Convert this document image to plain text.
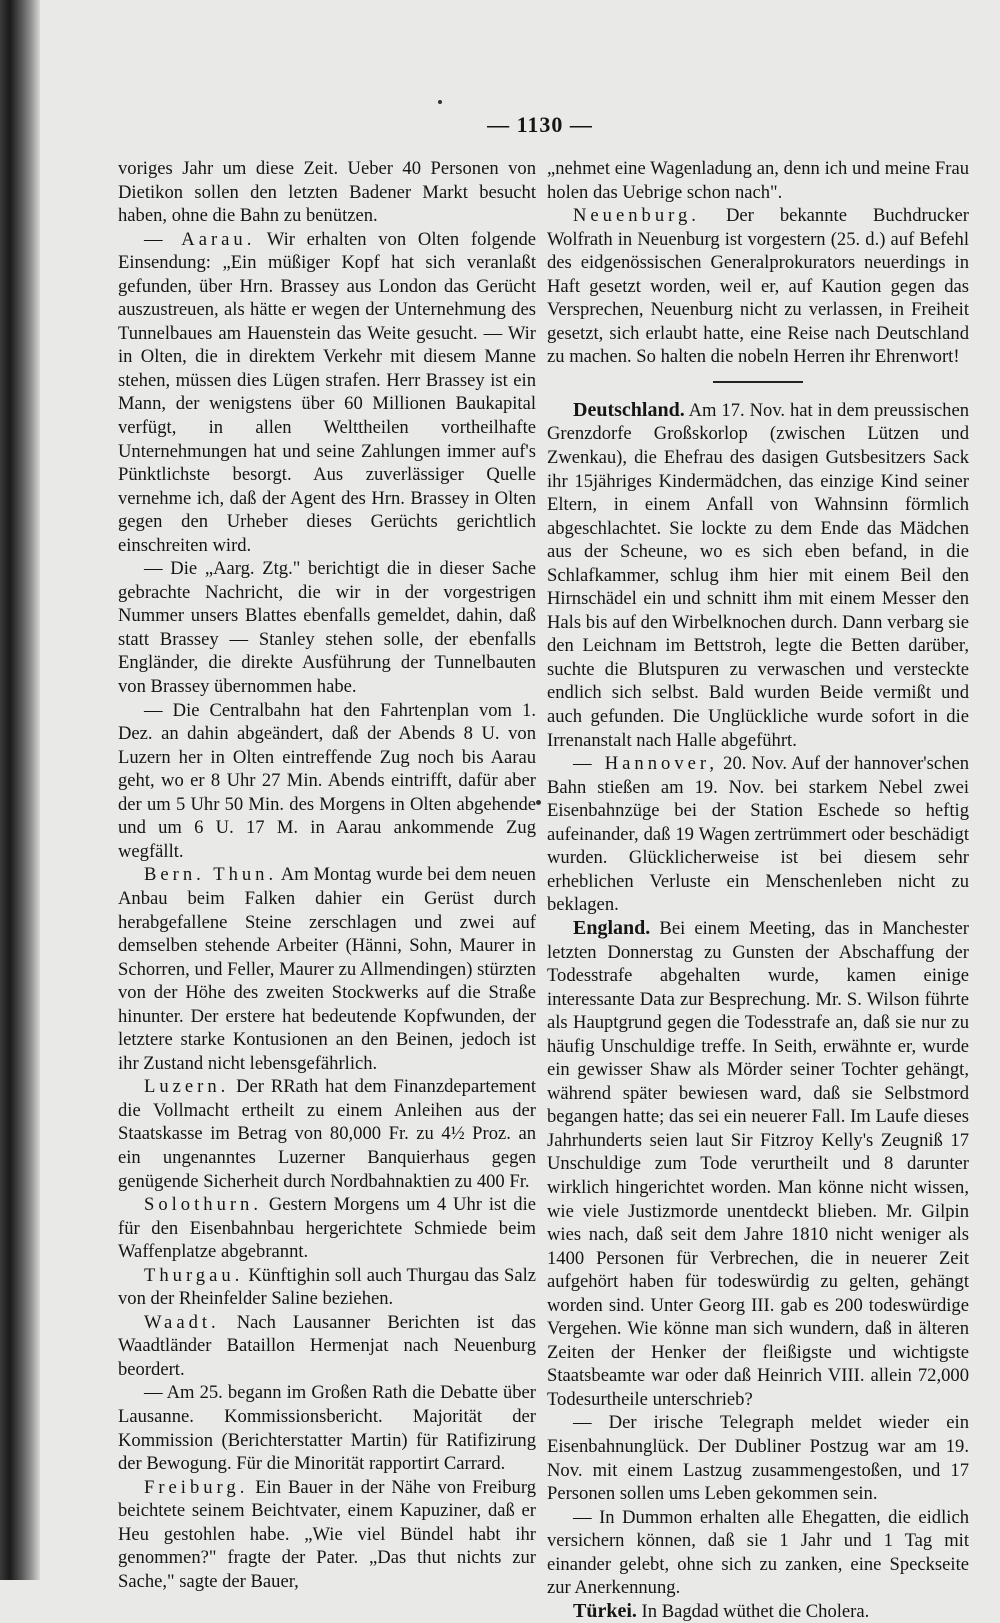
— 1130 —

voriges Jahr um diese Zeit. Ueber 40 Personen von Dietikon sollen den letzten Badener Markt besucht haben, ohne die Bahn zu benützen.

— Aarau. Wir erhalten von Olten folgende Einsendung: „Ein müßiger Kopf hat sich veranlaßt gefunden, über Hrn. Brassey aus London das Gerücht auszustreuen, als hätte er wegen der Unternehmung des Tunnelbaues am Hauenstein das Weite gesucht. — Wir in Olten, die in direktem Verkehr mit diesem Manne stehen, müssen dies Lügen strafen. Herr Brassey ist ein Mann, der wenigstens über 60 Millionen Baukapital verfügt, in allen Welttheilen vortheilhafte Unternehmungen hat und seine Zahlungen immer auf's Pünktlichste besorgt. Aus zuverlässiger Quelle vernehme ich, daß der Agent des Hrn. Brassey in Olten gegen den Urheber dieses Gerüchts gerichtlich einschreiten wird.

— Die „Aarg. Ztg." berichtigt die in dieser Sache gebrachte Nachricht, die wir in der vorgestrigen Nummer unsers Blattes ebenfalls gemeldet, dahin, daß statt Brassey — Stanley stehen solle, der ebenfalls Engländer, die direkte Ausführung der Tunnelbauten von Brassey übernommen habe.

— Die Centralbahn hat den Fahrtenplan vom 1. Dez. an dahin abgeändert, daß der Abends 8 U. von Luzern her in Olten eintreffende Zug noch bis Aarau geht, wo er 8 Uhr 27 Min. Abends eintrifft, dafür aber der um 5 Uhr 50 Min. des Morgens in Olten abgehende und um 6 U. 17 M. in Aarau ankommende Zug wegfällt.

Bern. Thun. Am Montag wurde bei dem neuen Anbau beim Falken dahier ein Gerüst durch herabgefallene Steine zerschlagen und zwei auf demselben stehende Arbeiter (Hänni, Sohn, Maurer in Schorren, und Feller, Maurer zu Allmendingen) stürzten von der Höhe des zweiten Stockwerks auf die Straße hinunter. Der erstere hat bedeutende Kopfwunden, der letztere starke Kontusionen an den Beinen, jedoch ist ihr Zustand nicht lebensgefährlich.

Luzern. Der RRath hat dem Finanzdepartement die Vollmacht ertheilt zu einem Anleihen aus der Staatskasse im Betrag von 80,000 Fr. zu 4½ Proz. an ein ungenanntes Luzerner Banquierhaus gegen genügende Sicherheit durch Nordbahnaktien zu 400 Fr.

Solothurn. Gestern Morgens um 4 Uhr ist die für den Eisenbahnbau hergerichtete Schmiede beim Waffenplatze abgebrannt.

Thurgau. Künftighin soll auch Thurgau das Salz von der Rheinfelder Saline beziehen.

Waadt. Nach Lausanner Berichten ist das Waadtländer Bataillon Hermenjat nach Neuenburg beordert.

— Am 25. begann im Großen Rath die Debatte über Lausanne. Kommissionsbericht. Majorität der Kommission (Berichterstatter Martin) für Ratifizirung der Bewogung. Für die Minorität rapportirt Carrard.

Freiburg. Ein Bauer in der Nähe von Freiburg beichtete seinem Beichtvater, einem Kapuziner, daß er Heu gestohlen habe. „Wie viel Bündel habt ihr genommen?" fragte der Pater. „Das thut nichts zur Sache," sagte der Bauer,

„nehmet eine Wagenladung an, denn ich und meine Frau holen das Uebrige schon nach".

Neuenburg. Der bekannte Buchdrucker Wolfrath in Neuenburg ist vorgestern (25. d.) auf Befehl des eidgenössischen Generalprokurators neuerdings in Haft gesetzt worden, weil er, auf Kaution gegen das Versprechen, Neuenburg nicht zu verlassen, in Freiheit gesetzt, sich erlaubt hatte, eine Reise nach Deutschland zu machen. So halten die nobeln Herren ihr Ehrenwort!

Deutschland. Am 17. Nov. hat in dem preussischen Grenzdorfe Großskorlop (zwischen Lützen und Zwenkau), die Ehefrau des dasigen Gutsbesitzers Sack ihr 15jähriges Kindermädchen, das einzige Kind seiner Eltern, in einem Anfall von Wahnsinn förmlich abgeschlachtet. Sie lockte zu dem Ende das Mädchen aus der Scheune, wo es sich eben befand, in die Schlafkammer, schlug ihm hier mit einem Beil den Hirnschädel ein und schnitt ihm mit einem Messer den Hals bis auf den Wirbelknochen durch. Dann verbarg sie den Leichnam im Bettstroh, legte die Betten darüber, suchte die Blutspuren zu verwaschen und versteckte endlich sich selbst. Bald wurden Beide vermißt und auch gefunden. Die Unglückliche wurde sofort in die Irrenanstalt nach Halle abgeführt.

— Hannover, 20. Nov. Auf der hannover'schen Bahn stießen am 19. Nov. bei starkem Nebel zwei Eisenbahnzüge bei der Station Eschede so heftig aufeinander, daß 19 Wagen zertrümmert oder beschädigt wurden. Glücklicherweise ist bei diesem sehr erheblichen Verluste ein Menschenleben nicht zu beklagen.

England. Bei einem Meeting, das in Manchester letzten Donnerstag zu Gunsten der Abschaffung der Todesstrafe abgehalten wurde, kamen einige interessante Data zur Besprechung. Mr. S. Wilson führte als Hauptgrund gegen die Todesstrafe an, daß sie nur zu häufig Unschuldige treffe. In Seith, erwähnte er, wurde ein gewisser Shaw als Mörder seiner Tochter gehängt, während später bewiesen ward, daß sie Selbstmord begangen hatte; das sei ein neuerer Fall. Im Laufe dieses Jahrhunderts seien laut Sir Fitzroy Kelly's Zeugniß 17 Unschuldige zum Tode verurtheilt und 8 darunter wirklich hingerichtet worden. Man könne nicht wissen, wie viele Justizmorde unentdeckt blieben. Mr. Gilpin wies nach, daß seit dem Jahre 1810 nicht weniger als 1400 Personen für Verbrechen, die in neuerer Zeit aufgehört haben für todeswürdig zu gelten, gehängt worden sind. Unter Georg III. gab es 200 todeswürdige Vergehen. Wie könne man sich wundern, daß in älteren Zeiten der Henker der fleißigste und wichtigste Staatsbeamte war oder daß Heinrich VIII. allein 72,000 Todesurtheile unterschrieb?

— Der irische Telegraph meldet wieder ein Eisenbahnunglück. Der Dubliner Postzug war am 19. Nov. mit einem Lastzug zusammengestoßen, und 17 Personen sollen ums Leben gekommen sein.

— In Dummon erhalten alle Ehegatten, die eidlich versichern können, daß sie 1 Jahr und 1 Tag mit einander gelebt, ohne sich zu zanken, eine Speckseite zur Anerkennung.

Türkei. In Bagdad wüthet die Cholera.
